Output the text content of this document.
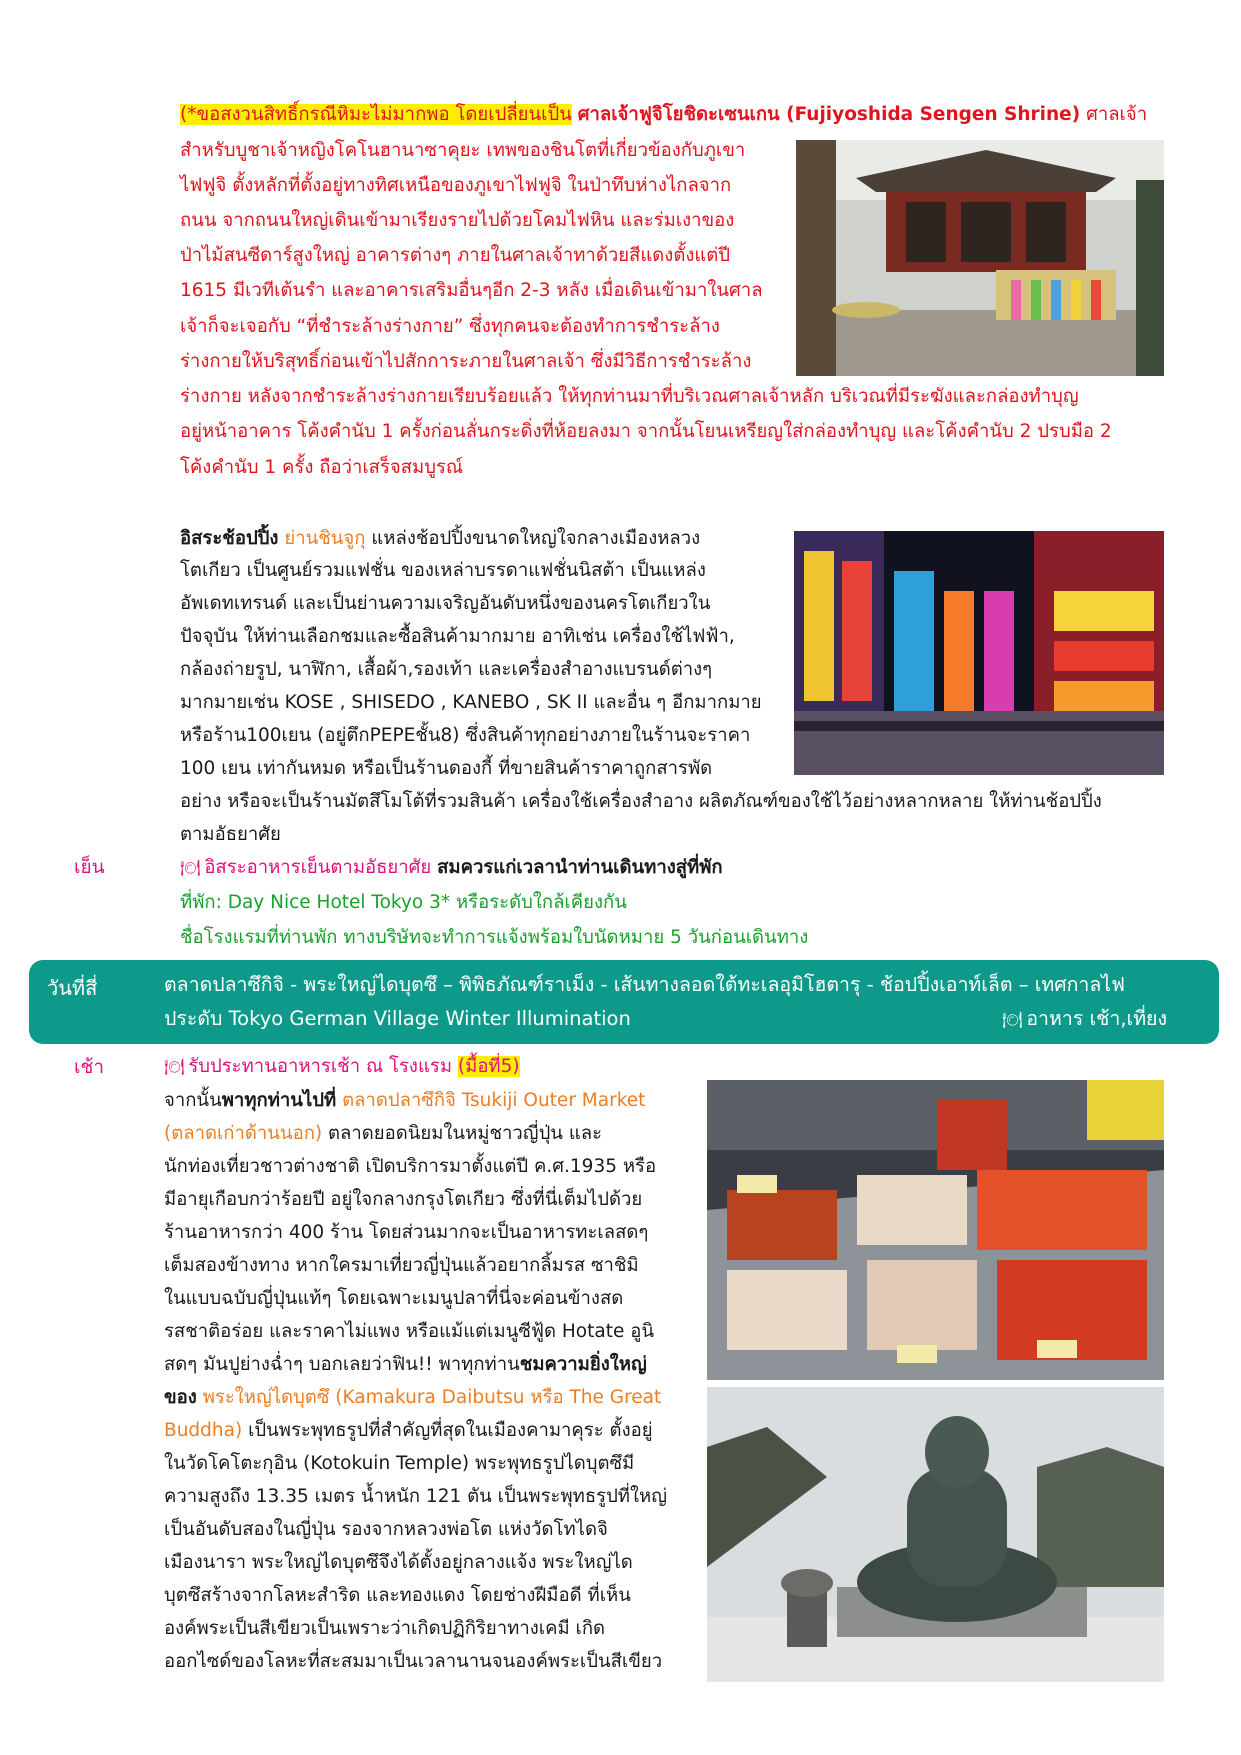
(*ขอสงวนสิทธิ์กรณีหิมะไม่มากพอ โดยเปลี่ยนเป็น ศาลเจ้าฟูจิโยชิดะเซนเกน (Fujiyoshida Sengen Shrine) ศาลเจ้า

สำหรับบูชาเจ้าหญิงโคโนฮานาซาคุยะ เทพของชินโตที่เกี่ยวข้องกับภูเขา

ไฟฟูจิ ตั้งหลักที่ตั้งอยู่ทางทิศเหนือของภูเขาไฟฟูจิ ในป่าทึบห่างไกลจาก

ถนน จากถนนใหญ่เดินเข้ามาเรียงรายไปด้วยโคมไฟหิน และร่มเงาของ

ป่าไม้สนซีดาร์สูงใหญ่ อาคารต่างๆ ภายในศาลเจ้าทาด้วยสีแดงตั้งแต่ปี

1615 มีเวทีเต้นรำ และอาคารเสริมอื่นๆอีก 2-3 หลัง เมื่อเดินเข้ามาในศาล

เจ้าก็จะเจอกับ “ที่ชำระล้างร่างกาย” ซึ่งทุกคนจะต้องทำการชำระล้าง

ร่างกายให้บริสุทธิ์ก่อนเข้าไปสักการะภายในศาลเจ้า ซึ่งมีวิธีการชำระล้าง

ร่างกาย หลังจากชำระล้างร่างกายเรียบร้อยแล้ว ให้ทุกท่านมาที่บริเวณศาลเจ้าหลัก บริเวณที่มีระฆังและกล่องทำบุญ

อยู่หน้าอาคาร โค้งคำนับ 1 ครั้งก่อนลั่นกระดิ่งที่ห้อยลงมา จากนั้นโยนเหรียญใส่กล่องทำบุญ และโค้งคำนับ 2 ปรบมือ 2

โค้งคำนับ 1 ครั้ง ถือว่าเสร็จสมบูรณ์

อิสระช้อปปิ้ง ย่านชินจูกุ แหล่งช้อปปิ้งขนาดใหญ่ใจกลางเมืองหลวง

โตเกียว เป็นศูนย์รวมแฟชั่น ของเหล่าบรรดาแฟชั่นนิสต้า เป็นแหล่ง

อัพเดทเทรนด์ และเป็นย่านความเจริญอันดับหนึ่งของนครโตเกียวใน

ปัจจุบัน ให้ท่านเลือกชมและซื้อสินค้ามากมาย อาทิเช่น เครื่องใช้ไฟฟ้า,

กล้องถ่ายรูป, นาฬิกา, เสื้อผ้า,รองเท้า และเครื่องสำอางแบรนด์ต่างๆ

มากมายเช่น KOSE , SHISEDO , KANEBO , SK II และอื่น ๆ อีกมากมาย

หรือร้าน100เยน (อยู่ตึกPEPEชั้น8) ซึ่งสินค้าทุกอย่างภายในร้านจะราคา

100 เยน เท่ากันหมด หรือเป็นร้านดองกี้ ที่ขายสินค้าราคาถูกสารพัด

อย่าง หรือจะเป็นร้านมัตสึโมโต้ที่รวมสินค้า เครื่องใช้เครื่องสำอาง ผลิตภัณฑ์ของใช้ไว้อย่างหลากหลาย ให้ท่านช้อปปิ้ง

ตามอัธยาศัย

เย็น	🍽 อิสระอาหารเย็นตามอัธยาศัย สมควรแก่เวลานำท่านเดินทางสู่ที่พัก

ที่พัก: Day Nice Hotel Tokyo 3* หรือระดับใกล้เคียงกัน

ชื่อโรงแรมที่ท่านพัก ทางบริษัทจะทำการแจ้งพร้อมใบนัดหมาย 5 วันก่อนเดินทาง

วันที่สี่	ตลาดปลาซึกิจิ - พระใหญ่ไดบุตซึ – พิพิธภัณฑ์ราเม็ง - เส้นทางลอดใต้ทะเลอุมิโฮตารุ - ช้อปปิ้งเอาท์เล็ต – เทศกาลไฟ
ประดับ Tokyo German Village Winter Illumination	🍽 อาหาร เช้า,เที่ยง
เช้า	🍽 รับประทานอาหารเช้า ณ โรงแรม (มื้อที่5)
จากนั้นพาทุกท่านไปที่ ตลาดปลาซึกิจิ Tsukiji Outer Market
(ตลาดเก่าด้านนอก) ตลาดยอดนิยมในหมู่ชาวญี่ปุ่น และ

นักท่องเที่ยวชาวต่างชาติ เปิดบริการมาตั้งแต่ปี ค.ศ.1935 หรือ

มีอายุเกือบกว่าร้อยปี อยู่ใจกลางกรุงโตเกียว ซึ่งที่นี่เต็มไปด้วย

ร้านอาหารกว่า 400 ร้าน โดยส่วนมากจะเป็นอาหารทะเลสดๆ

เต็มสองข้างทาง หากใครมาเที่ยวญี่ปุ่นแล้วอยากลิ้มรส ซาชิมิ

ในแบบฉบับญี่ปุ่นแท้ๆ โดยเฉพาะเมนูปลาที่นี่จะค่อนข้างสด

รสชาติอร่อย และราคาไม่แพง หรือแม้แต่เมนูซีฟู้ด Hotate อูนิ

สดๆ มันปูย่างฉ่ำๆ บอกเลยว่าฟิน!! พาทุกท่านชมความยิ่งใหญ่
ของ พระใหญ่ไดบุตซึ (Kamakura Daibutsu หรือ The Great
Buddha) เป็นพระพุทธรูปที่สำคัญที่สุดในเมืองคามาคุระ ตั้งอยู่

ในวัดโคโตะกุอิน (Kotokuin Temple) พระพุทธรูปไดบุตซึมี

ความสูงถึง 13.35 เมตร น้ำหนัก 121 ตัน เป็นพระพุทธรูปที่ใหญ่

เป็นอันดับสองในญี่ปุ่น รองจากหลวงพ่อโต แห่งวัดโทไดจิ

เมืองนารา พระใหญ่ไดบุตซึจึงได้ตั้งอยู่กลางแจ้ง พระใหญ่ได

บุตซึสร้างจากโลหะสำริด และทองแดง โดยช่างฝีมือดี ที่เห็น

องค์พระเป็นสีเขียวเป็นเพราะว่าเกิดปฏิกิริยาทางเคมี เกิด

ออกไซด์ของโลหะที่สะสมมาเป็นเวลานานจนองค์พระเป็นสีเขียว
